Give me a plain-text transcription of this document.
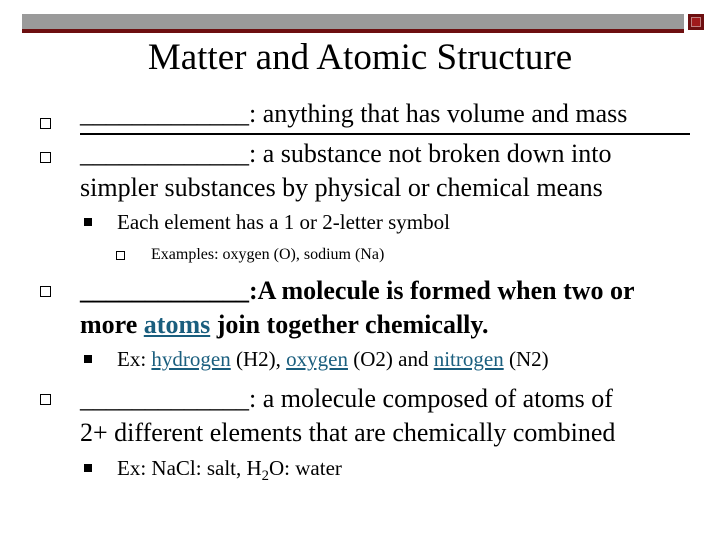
Matter and Atomic Structure
_____________: anything that has volume and mass
_____________: a substance not broken down into
simpler substances by physical or chemical means
Each element has a 1 or 2-letter symbol
Examples: oxygen (O), sodium (Na)
_____________:A molecule is formed when two or
more atoms join together chemically.
Ex: hydrogen (H2), oxygen (O2) and nitrogen (N2)
_____________: a molecule composed of atoms of
2+ different elements that are chemically combined
Ex: NaCl: salt, $H_2O$: water
